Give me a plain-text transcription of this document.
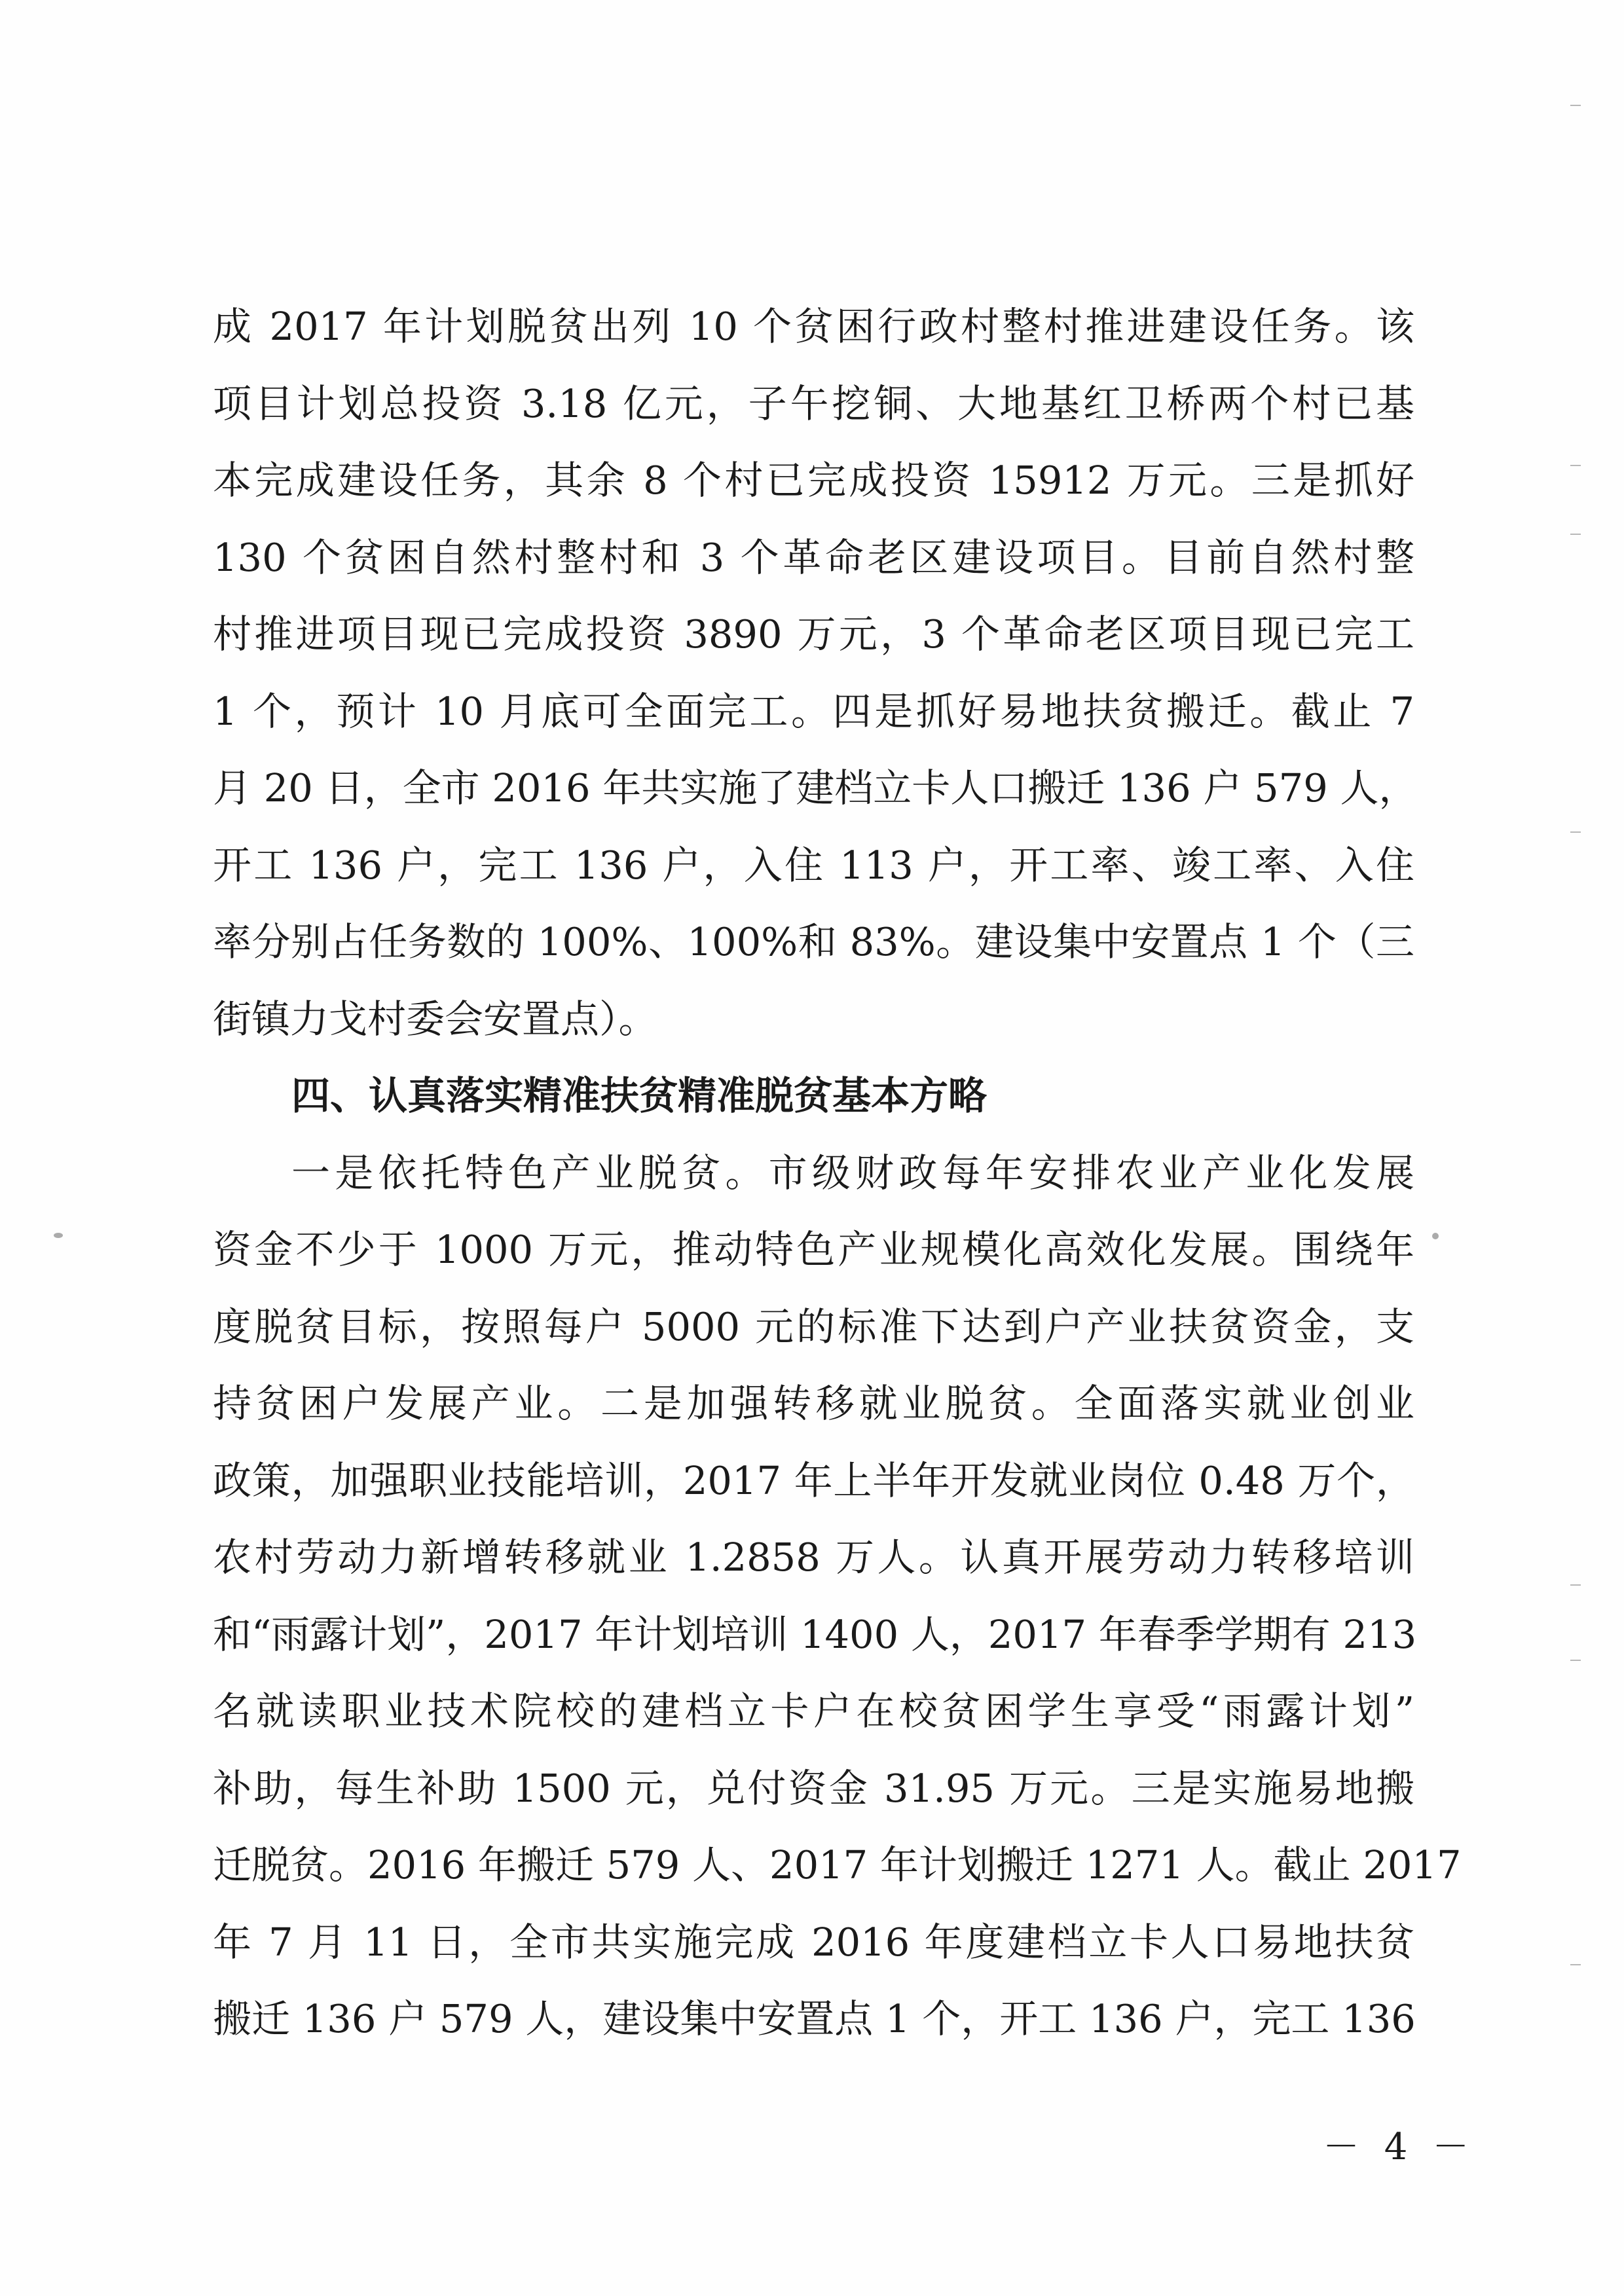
成 2017 年计划脱贫出列 10 个贫困行政村整村推进建设任务。该
项目计划总投资 3.18 亿元，子午挖铜、大地基红卫桥两个村已基
本完成建设任务，其余 8 个村已完成投资 15912 万元。三是抓好
130 个贫困自然村整村和 3 个革命老区建设项目。目前自然村整
村推进项目现已完成投资 3890 万元，3 个革命老区项目现已完工
1 个，预计 10 月底可全面完工。四是抓好易地扶贫搬迁。截止 7
月 20 日，全市 2016 年共实施了建档立卡人口搬迁 136 户 579 人，
开工 136 户，完工 136 户，入住 113 户，开工率、竣工率、入住
率分别占任务数的 100%、100%和 83%。建设集中安置点 1 个（三
街镇力戈村委会安置点）。
四、认真落实精准扶贫精准脱贫基本方略
一是依托特色产业脱贫。市级财政每年安排农业产业化发展
资金不少于 1000 万元，推动特色产业规模化高效化发展。围绕年
度脱贫目标，按照每户 5000 元的标准下达到户产业扶贫资金，支
持贫困户发展产业。二是加强转移就业脱贫。全面落实就业创业
政策，加强职业技能培训，2017 年上半年开发就业岗位 0.48 万个，
农村劳动力新增转移就业 1.2858 万人。认真开展劳动力转移培训
和“雨露计划”，2017 年计划培训 1400 人，2017 年春季学期有 213
名就读职业技术院校的建档立卡户在校贫困学生享受“雨露计划”
补助，每生补助 1500 元，兑付资金 31.95 万元。三是实施易地搬
迁脱贫。2016 年搬迁 579 人、2017 年计划搬迁 1271 人。截止 2017
年 7 月 11 日，全市共实施完成 2016 年度建档立卡人口易地扶贫
搬迁 136 户 579 人，建设集中安置点 1 个，开工 136 户，完工 136
－ 4 －
